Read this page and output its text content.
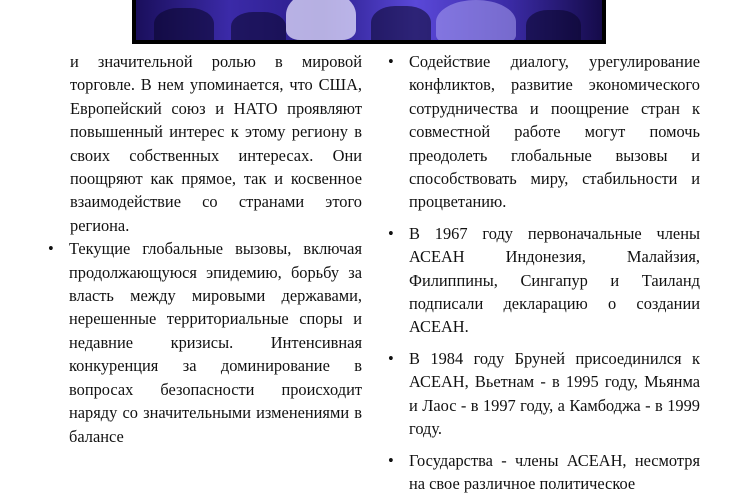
и значительной ролью в мировой торговле. В нем упоминается, что США, Европейский союз и НАТО проявляют повышенный интерес к этому региону в своих собственных интересах. Они поощряют как прямое, так и косвенное взаимодействие со странами этого региона.

• Текущие глобальные вызовы, включая продолжающуюся эпидемию, борьбу за власть между мировыми державами, нерешенные территориальные споры и недавние кризисы. Интенсивная конкуренция за доминирование в вопросах безопасности происходит наряду со значительными изменениями в балансе
• Содействие диалогу, урегулирование конфликтов, развитие экономического сотрудничества и поощрение стран к совместной работе могут помочь преодолеть глобальные вызовы и способствовать миру, стабильности и процветанию.
• В 1967 году первоначальные члены АСЕАН Индонезия, Малайзия, Филиппины, Сингапур и Таиланд подписали декларацию о создании АСЕАН.
• В 1984 году Бруней присоединился к АСЕАН, Вьетнам - в 1995 году, Мьянма и Лаос - в 1997 году, а Камбоджа - в 1999 году.
• Государства - члены АСЕАН, несмотря на свое различное политическое
